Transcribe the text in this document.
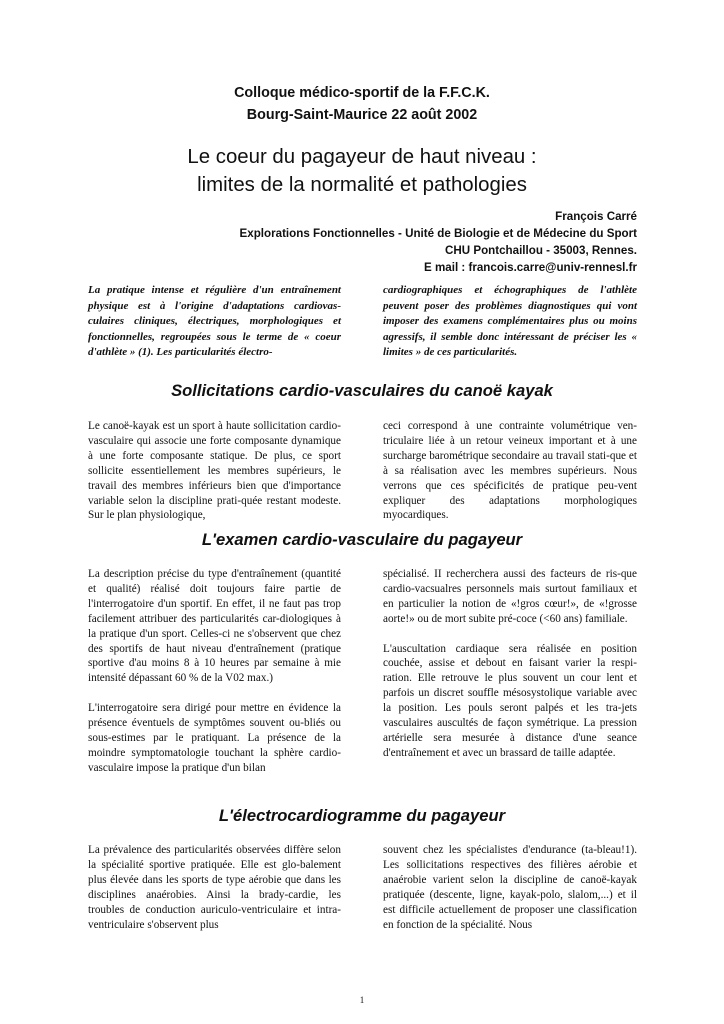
Colloque médico-sportif de la F.F.C.K.
Bourg-Saint-Maurice 22 août 2002
Le coeur du pagayeur de haut niveau :
limites de la normalité et pathologies
François Carré
Explorations Fonctionnelles - Unité de Biologie et de Médecine du Sport
CHU Pontchaillou - 35003, Rennes.
E mail : francois.carre@univ-rennesl.fr
La pratique intense et régulière d'un entraînement physique est à l'origine d'adaptations cardiovas-culaires cliniques, électriques, morphologiques et fonctionnelles, regroupées sous le terme de « coeur d'athlète » (1). Les particularités électro-
cardiographiques et échographiques de l'athlète peuvent poser des problèmes diagnostiques qui vont imposer des examens complémentaires plus ou moins agressifs, il semble donc intéressant de préciser les « limites » de ces particularités.
Sollicitations cardio-vasculaires du canoë kayak
Le canoë-kayak est un sport à haute sollicitation cardio-vasculaire qui associe une forte composante dynamique à une forte composante statique. De plus, ce sport sollicite essentiellement les membres supérieurs, le travail des membres inférieurs bien que d'importance variable selon la discipline prati-quée restant modeste. Sur le plan physiologique,
ceci correspond à une contrainte volumétrique ven-triculaire liée à un retour veineux important et à une surcharge barométrique secondaire au travail stati-que et à sa réalisation avec les membres supérieurs. Nous verrons que ces spécificités de pratique peu-vent expliquer des adaptations morphologiques myocardiques.
L'examen cardio-vasculaire du pagayeur

La description précise du type d'entraînement (quantité et qualité) réalisé doit toujours faire partie de l'interrogatoire d'un sportif. En effet, il ne faut pas trop facilement attribuer des particularités car-diologiques à la pratique d'un sport. Celles-ci ne s'observent que chez des sportifs de haut niveau d'entraînement (pratique sportive d'au moins 8 à 10 heures par semaine à mie intensité dépassant 60 % de la V02 max.)

L'interrogatoire sera dirigé pour mettre en évidence la présence éventuels de symptômes souvent ou-bliés ou sous-estimes par le pratiquant. La présence de la moindre symptomatologie touchant la sphère cardio-vasculaire impose la pratique d'un bilan

spécialisé. II recherchera aussi des facteurs de ris-que cardio-vacsualres personnels mais surtout familiaux et en particulier la notion de «!gros cœur!», de «!grosse aorte!» ou de mort subite pré-coce (<60 ans) familiale.

L'auscultation cardiaque sera réalisée en position couchée, assise et debout en faisant varier la respi-ration. Elle retrouve le plus souvent un cour lent et parfois un discret souffle mésosystolique variable avec la position. Les pouls seront palpés et les tra-jets vasculaires auscultés de façon symétrique. La pression artérielle sera mesurée à distance d'une seance d'entraînement et avec un brassard de taille adaptée.

L'électrocardiogramme du pagayeur
La prévalence des particularités observées diffère selon la spécialité sportive pratiquée. Elle est glo-balement plus élevée dans les sports de type aérobie que dans les disciplines anaérobies. Ainsi la brady-cardie, les troubles de conduction auriculo-ventriculaire et intra-ventriculaire s'observent plus
souvent chez les spécialistes d'endurance (ta-bleau!1). Les sollicitations respectives des filières aérobie et anaérobie varient selon la discipline de canoë-kayak pratiquée (descente, ligne, kayak-polo, slalom,...) et il est difficile actuellement de proposer une classification en fonction de la spécialité. Nous
1
